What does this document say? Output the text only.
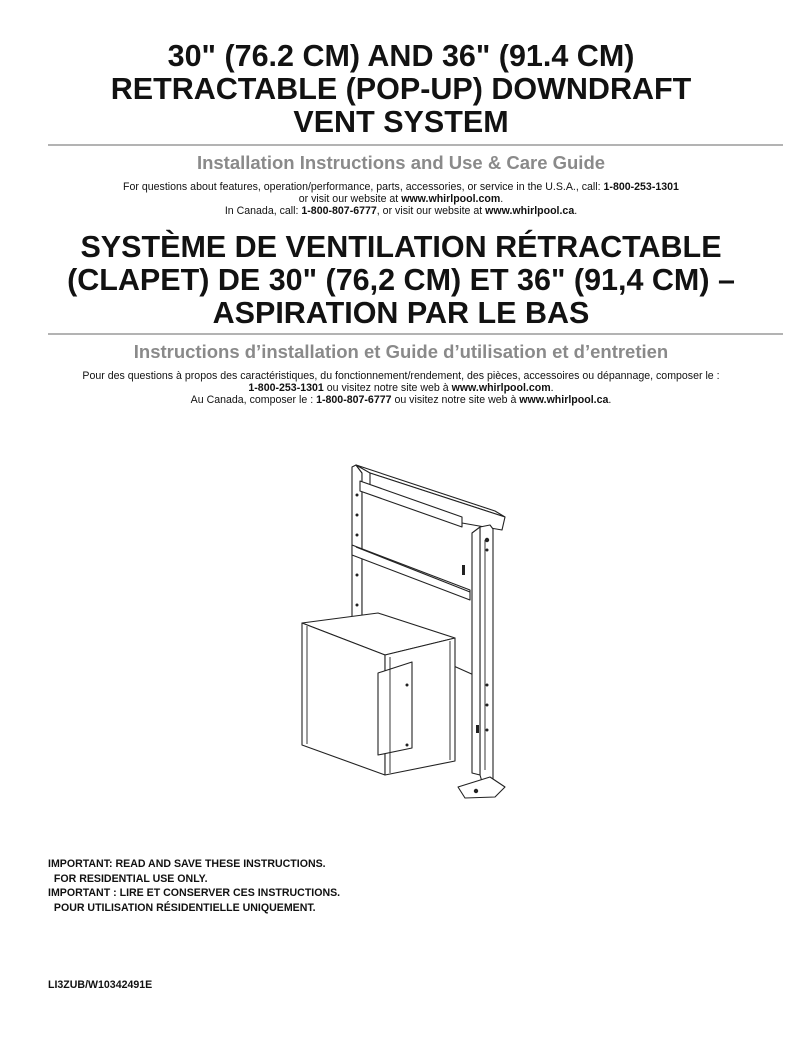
30" (76.2 CM) AND 36" (91.4 CM)
RETRACTABLE (POP-UP) DOWNDRAFT
VENT SYSTEM
Installation Instructions and Use & Care Guide
For questions about features, operation/performance, parts, accessories, or service in the U.S.A., call: 1-800-253-1301
or visit our website at www.whirlpool.com.
In Canada, call: 1-800-807-6777, or visit our website at www.whirlpool.ca.
SYSTÈME DE VENTILATION RÉTRACTABLE
(CLAPET) DE 30" (76,2 CM) ET 36" (91,4 CM) –
ASPIRATION PAR LE BAS
Instructions d’installation et Guide d’utilisation et d’entretien
Pour des questions à propos des caractéristiques, du fonctionnement/rendement, des pièces, accessoires ou dépannage, composer le :
1-800-253-1301 ou visitez notre site web à www.whirlpool.com.
Au Canada, composer le : 1-800-807-6777 ou visitez notre site web à www.whirlpool.ca.
IMPORTANT: READ AND SAVE THESE INSTRUCTIONS.
FOR RESIDENTIAL USE ONLY.
IMPORTANT : LIRE ET CONSERVER CES INSTRUCTIONS.
POUR UTILISATION RÉSIDENTIELLE UNIQUEMENT.
LI3ZUB/W10342491E
